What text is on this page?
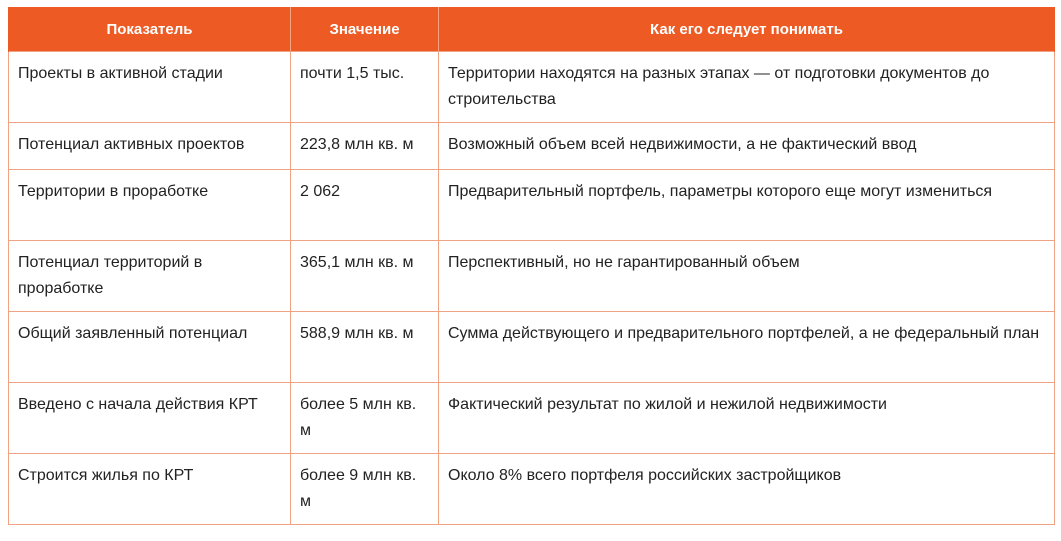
Показатель	Значение	Как его следует понимать
Проекты в активной стадии	почти 1,5 тыс.	Территории находятся на разных этапах — от подготовки документов до строительства
Потенциал активных проектов	223,8 млн кв. м	Возможный объем всей недвижимости, а не фактический ввод
Территории в проработке	2 062	Предварительный портфель, параметры которого еще могут измениться
Потенциал территорий в проработке	365,1 млн кв. м	Перспективный, но не гарантированный объем
Общий заявленный потенциал	588,9 млн кв. м	Сумма действующего и предварительного портфелей, а не федеральный план
Введено с начала действия КРТ	более 5 млн кв. м	Фактический результат по жилой и нежилой недвижимости
Строится жилья по КРТ	более 9 млн кв. м	Около 8% всего портфеля российских застройщиков
